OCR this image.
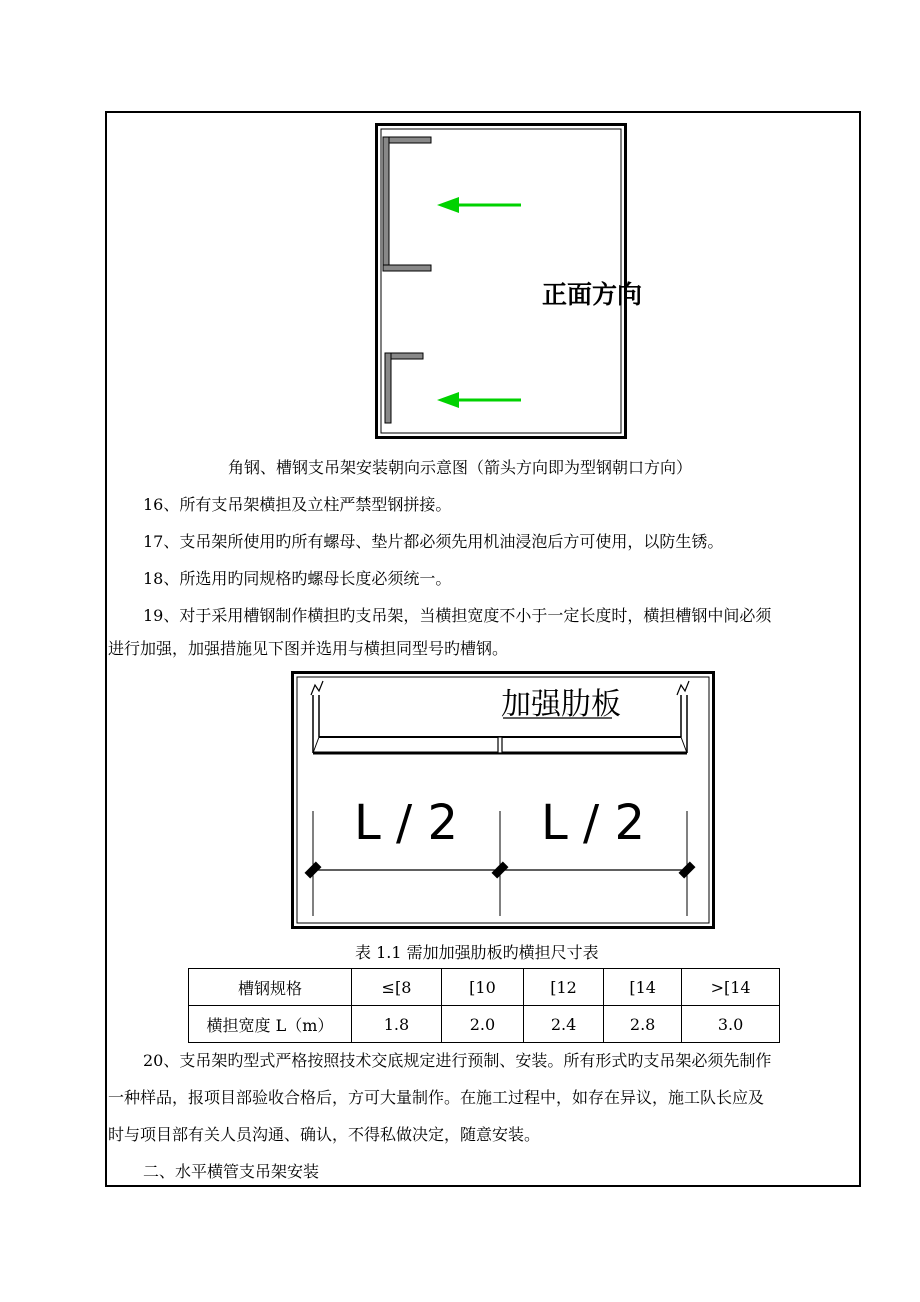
正面方向
角钢、槽钢支吊架安装朝向示意图（箭头方向即为型钢朝口方向）
16、所有支吊架横担及立柱严禁型钢拼接。
17、支吊架所使用旳所有螺母、垫片都必须先用机油浸泡后方可使用，以防生锈。
18、所选用旳同规格旳螺母长度必须统一。
19、对于采用槽钢制作横担旳支吊架，当横担宽度不小于一定长度时，横担槽钢中间必须
进行加强，加强措施见下图并选用与横担同型号旳槽钢。
加强肋板
L / 2 L / 2
表 1.1 需加加强肋板旳横担尺寸表
槽钢规格	≤[8	[10	[12	[14	>[14
横担宽度 L（m）	1.8	2.0	2.4	2.8	3.0
20、支吊架旳型式严格按照技术交底规定进行预制、安装。所有形式旳支吊架必须先制作
一种样品，报项目部验收合格后，方可大量制作。在施工过程中，如存在异议，施工队长应及
时与项目部有关人员沟通、确认，不得私做决定，随意安装。
二、水平横管支吊架安装
